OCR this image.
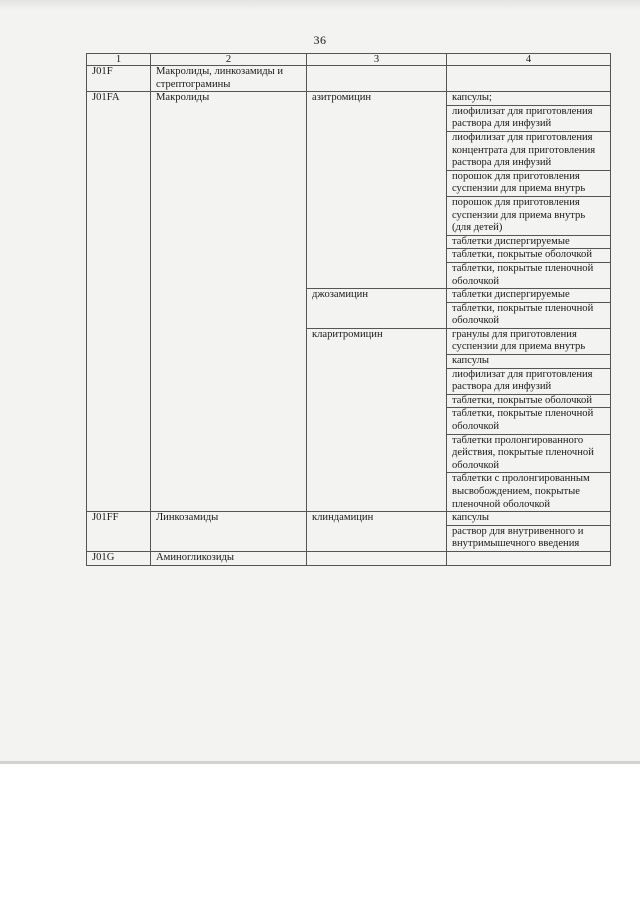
36
1	2	3	4
J01F	Макролиды, линкозамиды и стрептограмины		
J01FA	Макролиды	азитромицин	капсулы;
			лиофилизат для приготовления раствора для инфузий
			лиофилизат для приготовления концентрата для приготовления раствора для инфузий
			порошок для приготовления суспензии для приема внутрь
			порошок для приготовления суспензии для приема внутрь (для детей)
			таблетки диспергируемые
			таблетки, покрытые оболочкой
			таблетки, покрытые пленочной оболочкой
		джозамицин	таблетки диспергируемые
			таблетки, покрытые пленочной оболочкой
		кларитромицин	гранулы для приготовления суспензии для приема внутрь
			капсулы
			лиофилизат для приготовления раствора для инфузий
			таблетки, покрытые оболочкой
			таблетки, покрытые пленочной оболочкой
			таблетки пролонгированного действия, покрытые пленочной оболочкой
			таблетки с пролонгированным высвобождением, покрытые пленочной оболочкой
J01FF	Линкозамиды	клиндамицин	капсулы
			раствор для внутривенного и внутримышечного введения
J01G	Аминогликозиды		
